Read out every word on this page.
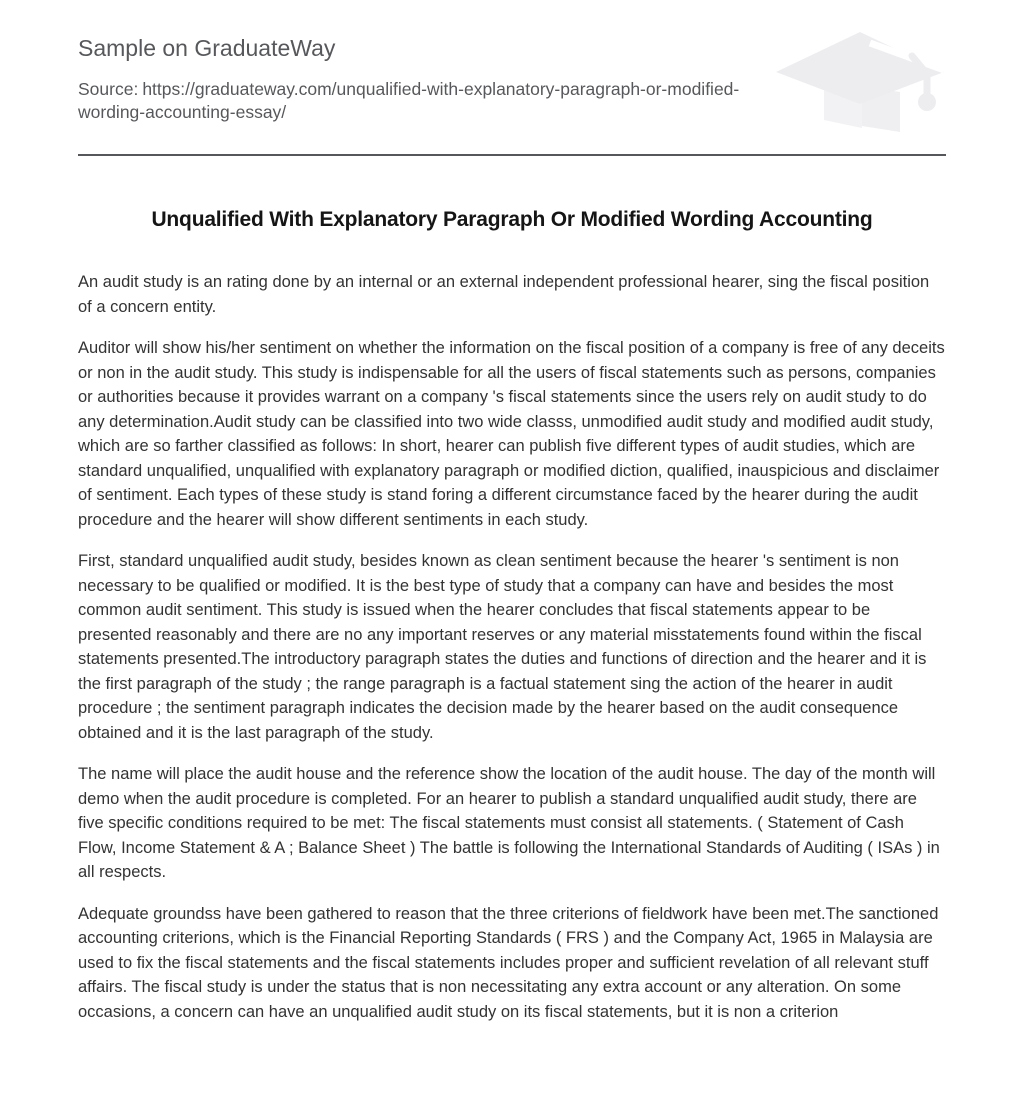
Sample on GraduateWay
Source: https://graduateway.com/unqualified-with-explanatory-paragraph-or-modified-wording-accounting-essay/
Unqualified With Explanatory Paragraph Or Modified Wording Accounting

An audit study is an rating done by an internal or an external independent professional hearer, sing the fiscal position of a concern entity.

Auditor will show his/her sentiment on whether the information on the fiscal position of a company is free of any deceits or non in the audit study. This study is indispensable for all the users of fiscal statements such as persons, companies or authorities because it provides warrant on a company 's fiscal statements since the users rely on audit study to do any determination.Audit study can be classified into two wide classs, unmodified audit study and modified audit study, which are so farther classified as follows: In short, hearer can publish five different types of audit studies, which are standard unqualified, unqualified with explanatory paragraph or modified diction, qualified, inauspicious and disclaimer of sentiment. Each types of these study is stand foring a different circumstance faced by the hearer during the audit procedure and the hearer will show different sentiments in each study.

First, standard unqualified audit study, besides known as clean sentiment because the hearer 's sentiment is non necessary to be qualified or modified. It is the best type of study that a company can have and besides the most common audit sentiment. This study is issued when the hearer concludes that fiscal statements appear to be presented reasonably and there are no any important reserves or any material misstatements found within the fiscal statements presented.The introductory paragraph states the duties and functions of direction and the hearer and it is the first paragraph of the study ; the range paragraph is a factual statement sing the action of the hearer in audit procedure ; the sentiment paragraph indicates the decision made by the hearer based on the audit consequence obtained and it is the last paragraph of the study.

The name will place the audit house and the reference show the location of the audit house. The day of the month will demo when the audit procedure is completed. For an hearer to publish a standard unqualified audit study, there are five specific conditions required to be met: The fiscal statements must consist all statements. ( Statement of Cash Flow, Income Statement & A ; Balance Sheet ) The battle is following the International Standards of Auditing ( ISAs ) in all respects.

Adequate groundss have been gathered to reason that the three criterions of fieldwork have been met.The sanctioned accounting criterions, which is the Financial Reporting Standards ( FRS ) and the Company Act, 1965 in Malaysia are used to fix the fiscal statements and the fiscal statements includes proper and sufficient revelation of all relevant stuff affairs. The fiscal study is under the status that is non necessitating any extra account or any alteration. On some occasions, a concern can have an unqualified audit study on its fiscal statements, but it is non a criterion
